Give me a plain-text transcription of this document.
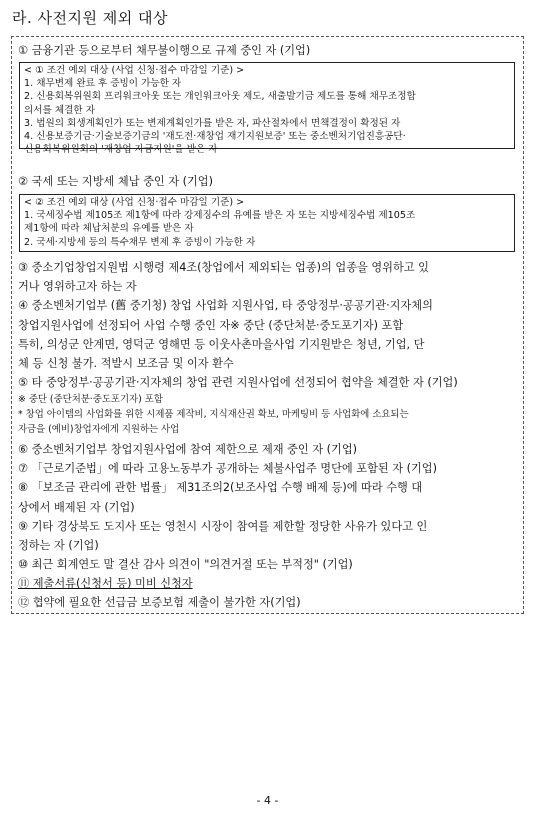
라. 사전지원 제외 대상
① 금융기관 등으로부터 채무불이행으로 규제 중인 자 (기업)
< ① 조건 예외 대상 (사업 신청·접수 마감일 기준) >
1. 채무변제 완료 후 증빙이 가능한 자
2. 신용회복위원회 프리워크아웃 또는 개인워크아웃 제도, 새출발기금 제도를 통해 채무조정합
의서를 체결한 자
3. 법원의 회생계획인가 또는 변제계획인가를 받은 자, 파산절차에서 면책결정이 확정된 자
4. 신용보증기금·기술보증기금의 '재도전·재창업 재기지원보증' 또는 중소벤처기업진흥공단·
신용회복위원회의 '재창업 자금지원'을 받은 자
② 국세 또는 지방세 체납 중인 자 (기업)
< ② 조건 예외 대상 (사업 신청·접수 마감일 기준) >
1. 국세징수법 제105조 제1항에 따라 강제징수의 유예를 받은 자 또는 지방세징수법 제105조
제1항에 따라 체납처분의 유예를 받은 자
2. 국세·지방세 등의 특수채무 변제 후 증빙이 가능한 자
③ 중소기업창업지원법 시행령 제4조(창업에서 제외되는 업종)의 업종을 영위하고 있
거나 영위하고자 하는 자
④ 중소벤처기업부 (舊 중기청) 창업 사업화 지원사업, 타 중앙정부·공공기관·지자체의
창업지원사업에 선정되어 사업 수행 중인 자※ 중단 (중단처분·중도포기자) 포함
특히, 의성군 안계면, 영덕군 영해면 등 이웃사촌마을사업 기지원받은 청년, 기업, 단
체 등 신청 불가. 적발시 보조금 및 이자 환수
⑤ 타 중앙정부·공공기관·지자체의 창업 관련 지원사업에 선정되어 협약을 체결한 자 (기업)
※ 중단 (중단처분·중도포기자) 포함
* 창업 아이템의 사업화를 위한 시제품 제작비, 지식재산권 확보, 마케팅비 등 사업화에 소요되는
자금을 (예비)창업자에게 지원하는 사업
⑥ 중소벤처기업부 창업지원사업에 참여 제한으로 제재 중인 자 (기업)
⑦ 「근로기준법」에 따라 고용노동부가 공개하는 체불사업주 명단에 포함된 자 (기업)
⑧ 「보조금 관리에 관한 법률」 제31조의2(보조사업 수행 배제 등)에 따라 수행 대
상에서 배제된 자 (기업)
⑨ 기타 경상북도 도지사 또는 영천시 시장이 참여를 제한할 정당한 사유가 있다고 인
정하는 자 (기업)
⑩ 최근 회계연도 말 결산 감사 의견이 "의견거절 또는 부적정" (기업)
⑪ 제출서류(신청서 등) 미비 신청자
⑫ 협약에 필요한 선급금 보증보험 제출이 불가한 자(기업)
- 4 -
